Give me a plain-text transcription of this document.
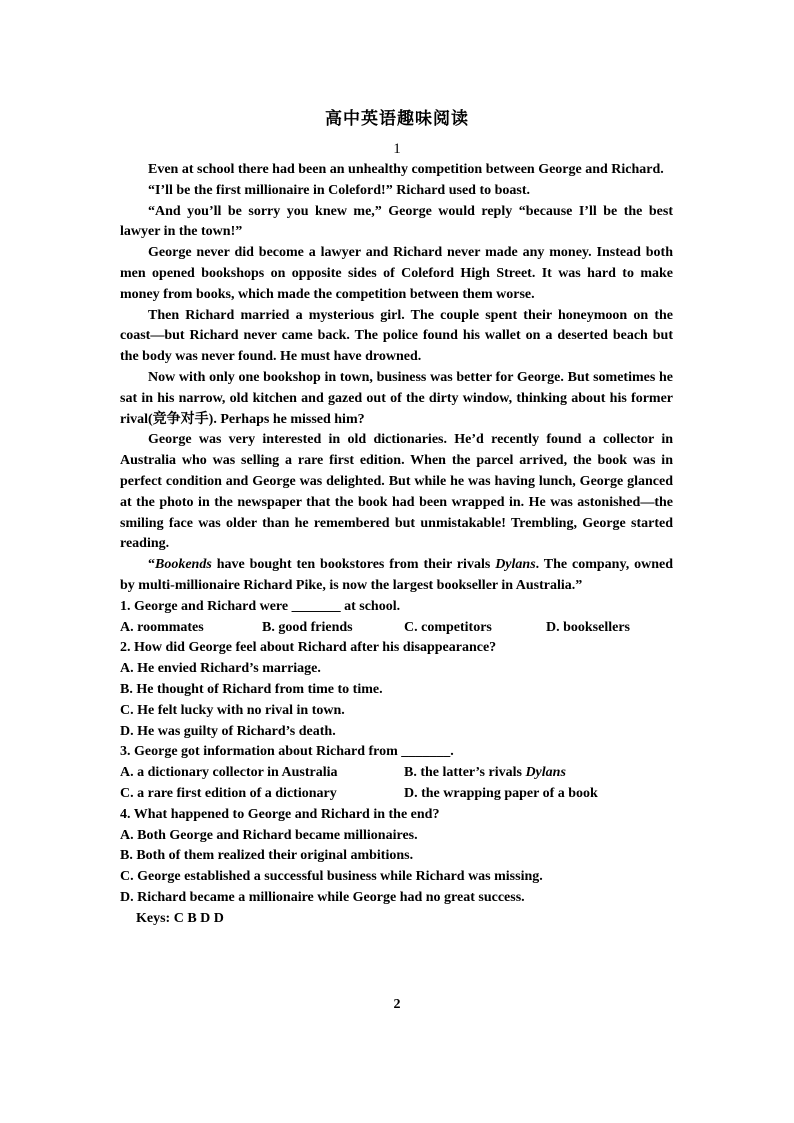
高中英语趣味阅读
1

Even at school there had been an unhealthy competition between George and Richard.

“I’ll be the first millionaire in Coleford!” Richard used to boast.

“And you’ll be sorry you knew me,” George would reply “because I’ll be the best lawyer in the town!”

George never did become a lawyer and Richard never made any money. Instead both men opened bookshops on opposite sides of Coleford High Street. It was hard to make money from books, which made the competition between them worse.

Then Richard married a mysterious girl. The couple spent their honeymoon on the coast—but Richard never came back. The police found his wallet on a deserted beach but the body was never found. He must have drowned.

Now with only one bookshop in town, business was better for George. But sometimes he sat in his narrow, old kitchen and gazed out of the dirty window, thinking about his former rival(竞争对手). Perhaps he missed him?

George was very interested in old dictionaries. He’d recently found a collector in Australia who was selling a rare first edition. When the parcel arrived, the book was in perfect condition and George was delighted. But while he was having lunch, George glanced at the photo in the newspaper that the book had been wrapped in. He was astonished—the smiling face was older than he remembered but unmistakable! Trembling, George started reading.

“Bookends have bought ten bookstores from their rivals Dylans. The company, owned by multi-millionaire Richard Pike, is now the largest bookseller in Australia.”

1. George and Richard were _______ at school.

A. roommates	B. good friends	C. competitors	D. booksellers

2. How did George feel about Richard after his disappearance?

A. He envied Richard’s marriage.

B. He thought of Richard from time to time.

C. He felt lucky with no rival in town.

D. He was guilty of Richard’s death.

3. George got information about Richard from _______.

A. a dictionary collector in Australia	B. the latter’s rivals Dylans
C. a rare first edition of a dictionary	D. the wrapping paper of a book

4. What happened to George and Richard in the end?

A. Both George and Richard became millionaires.

B. Both of them realized their original ambitions.

C. George established a successful business while Richard was missing.

D. Richard became a millionaire while George had no great success.

Keys: C B D D

2
